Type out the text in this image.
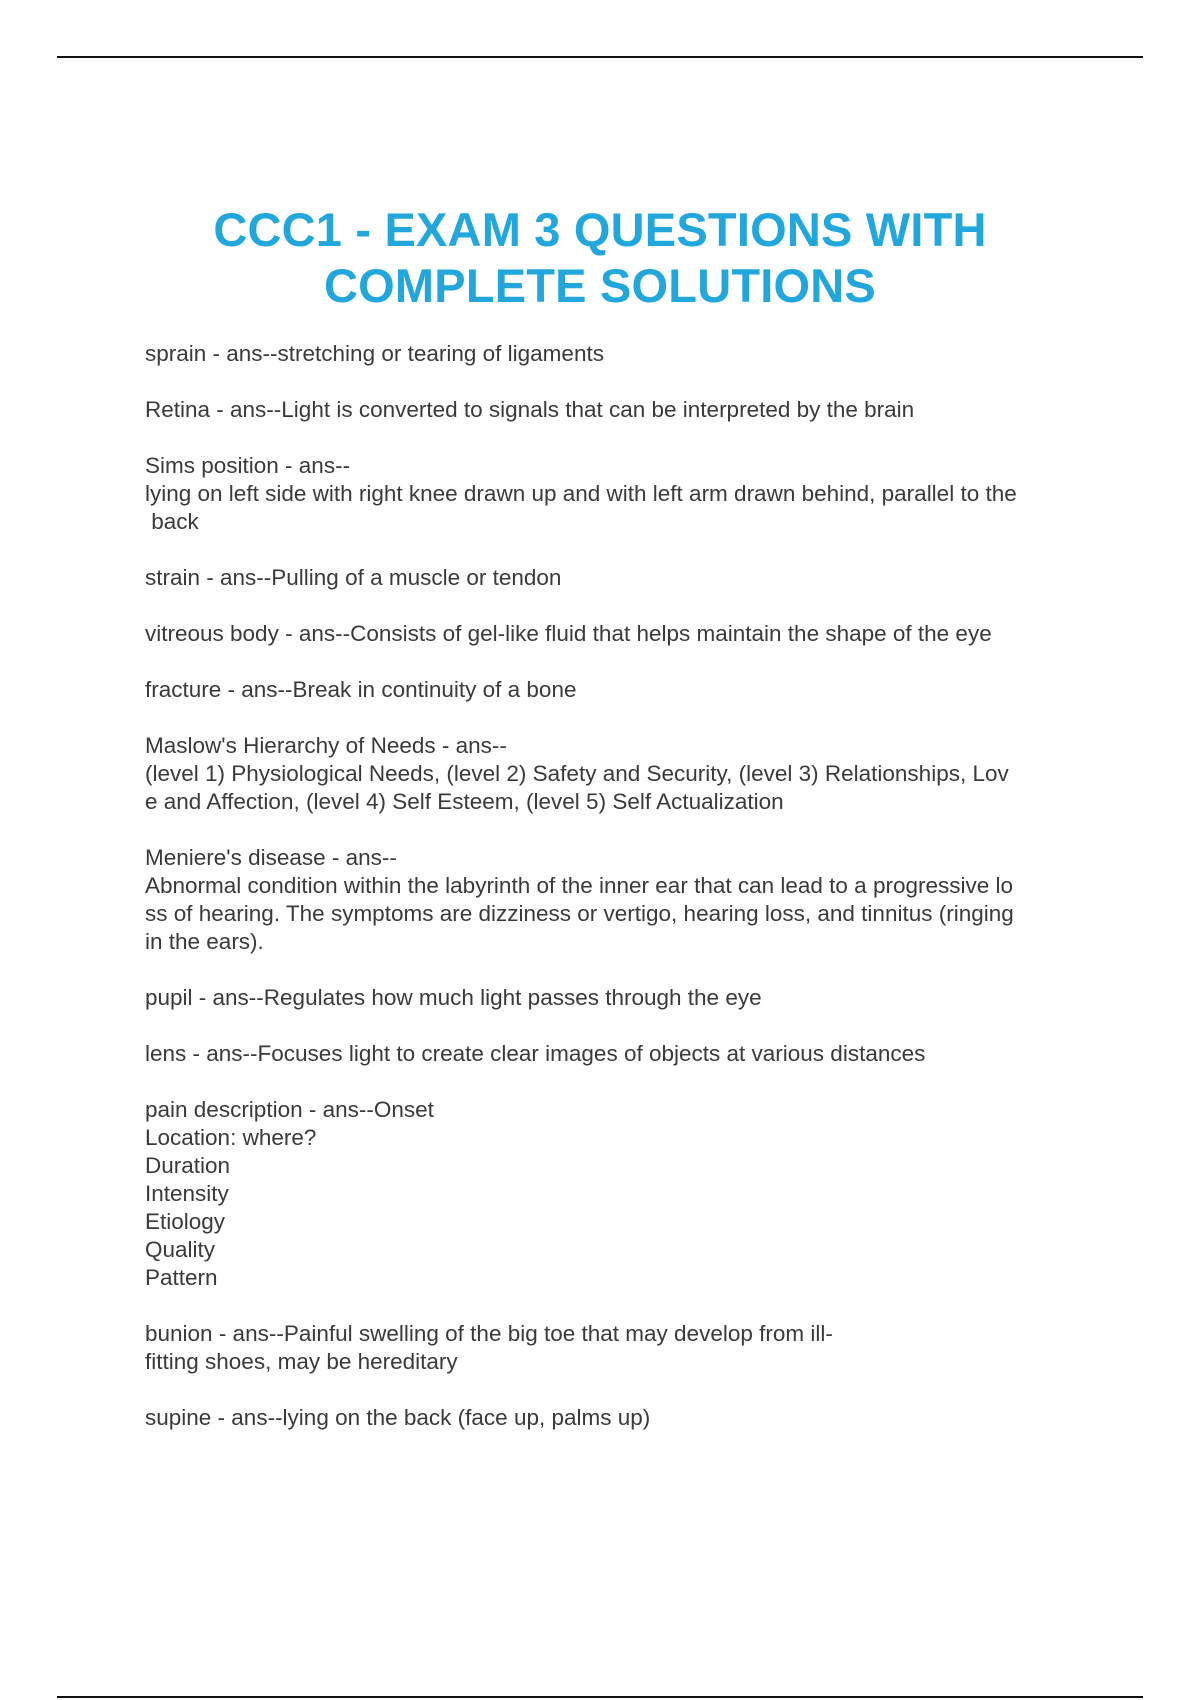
CCC1 - EXAM 3 QUESTIONS WITH
COMPLETE SOLUTIONS

sprain - ans--stretching or tearing of ligaments

Retina - ans--Light is converted to signals that can be interpreted by the brain

Sims position - ans--
lying on left side with right knee drawn up and with left arm drawn behind, parallel to the
back

strain - ans--Pulling of a muscle or tendon

vitreous body - ans--Consists of gel-like fluid that helps maintain the shape of the eye

fracture - ans--Break in continuity of a bone

Maslow's Hierarchy of Needs - ans--
(level 1) Physiological Needs, (level 2) Safety and Security, (level 3) Relationships, Lov
e and Affection, (level 4) Self Esteem, (level 5) Self Actualization

Meniere's disease - ans--
Abnormal condition within the labyrinth of the inner ear that can lead to a progressive lo
ss of hearing. The symptoms are dizziness or vertigo, hearing loss, and tinnitus (ringing
in the ears).

pupil - ans--Regulates how much light passes through the eye

lens - ans--Focuses light to create clear images of objects at various distances

pain description - ans--Onset
Location: where?
Duration
Intensity
Etiology
Quality
Pattern

bunion - ans--Painful swelling of the big toe that may develop from ill-
fitting shoes, may be hereditary

supine - ans--lying on the back (face up, palms up)
